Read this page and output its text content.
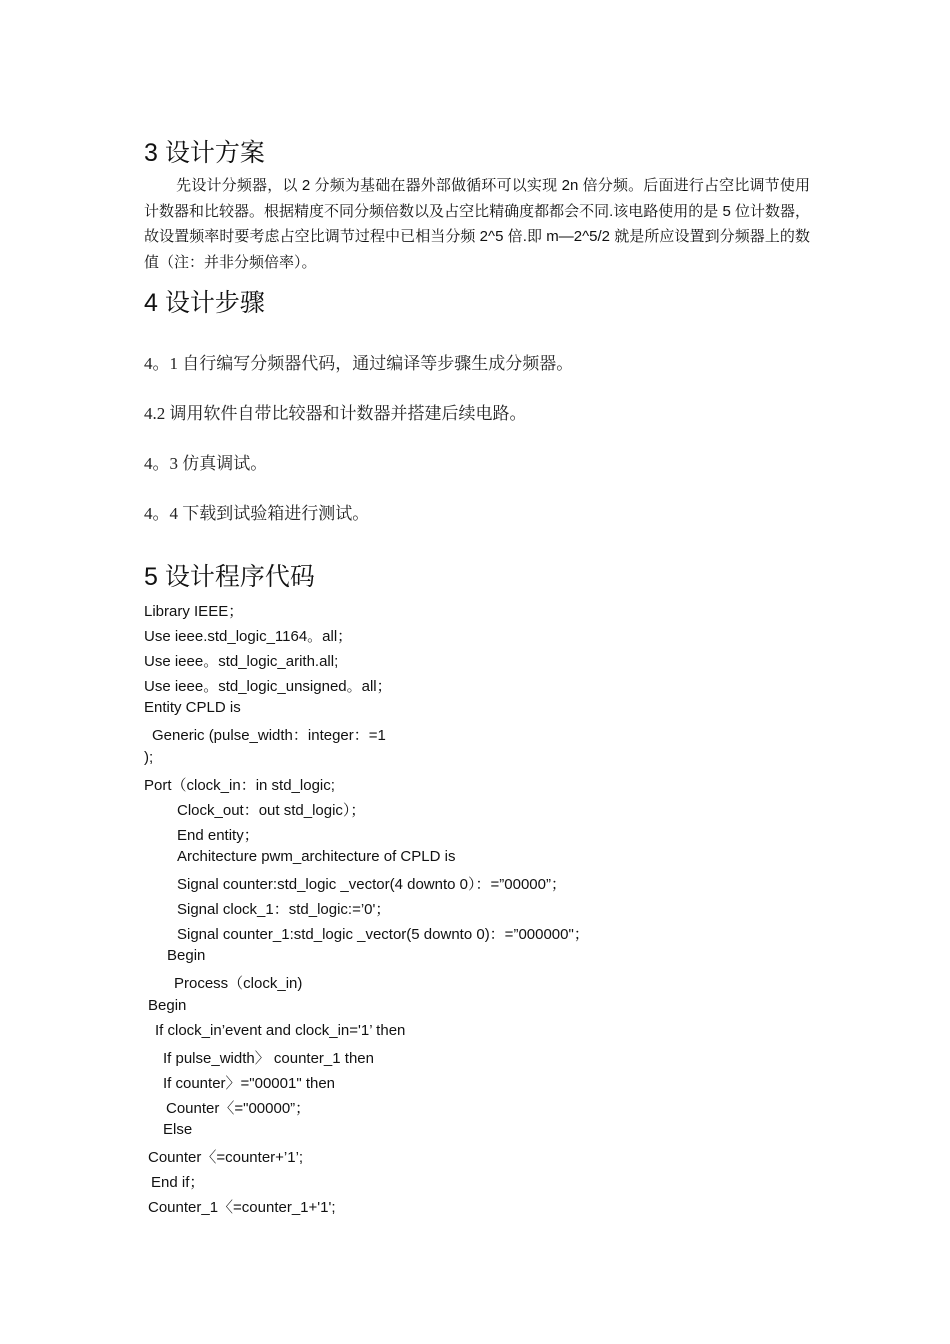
3 设计方案
先设计分频器，以 2 分频为基础在器外部做循环可以实现 2n 倍分频。后面进行占空比调节使用计数器和比较器。根据精度不同分频倍数以及占空比精确度都都会不同.该电路使用的是 5 位计数器，故设置频率时要考虑占空比调节过程中已相当分频 2^5 倍.即 m—2^5/2 就是所应设置到分频器上的数值（注：并非分频倍率）。
4 设计步骤
4。1 自行编写分频器代码，通过编译等步骤生成分频器。
4.2 调用软件自带比较器和计数器并搭建后续电路。
4。3 仿真调试。
4。4 下载到试验箱进行测试。
5 设计程序代码
Library IEEE；
Use ieee.std_logic_1164。all；
Use ieee。std_logic_arith.all;
Use ieee。std_logic_unsigned。all；
Entity CPLD is
Generic (pulse_width：integer：=1
);
Port（clock_in：in std_logic;
Clock_out：out std_logic）；
End entity；
Architecture pwm_architecture of CPLD is
Signal counter:std_logic _vector(4 downto 0）：=”00000”；
Signal clock_1：std_logic:=’0'；
Signal counter_1:std_logic _vector(5 downto 0)：=”000000"；
Begin
Process（clock_in)
Begin
If clock_in’event and clock_in='1’ then
If pulse_width〉 counter_1 then
If counter〉="00001" then
Counter〈="00000”；
Else
Counter〈=counter+’1’;
End if；
Counter_1〈=counter_1+'1';
